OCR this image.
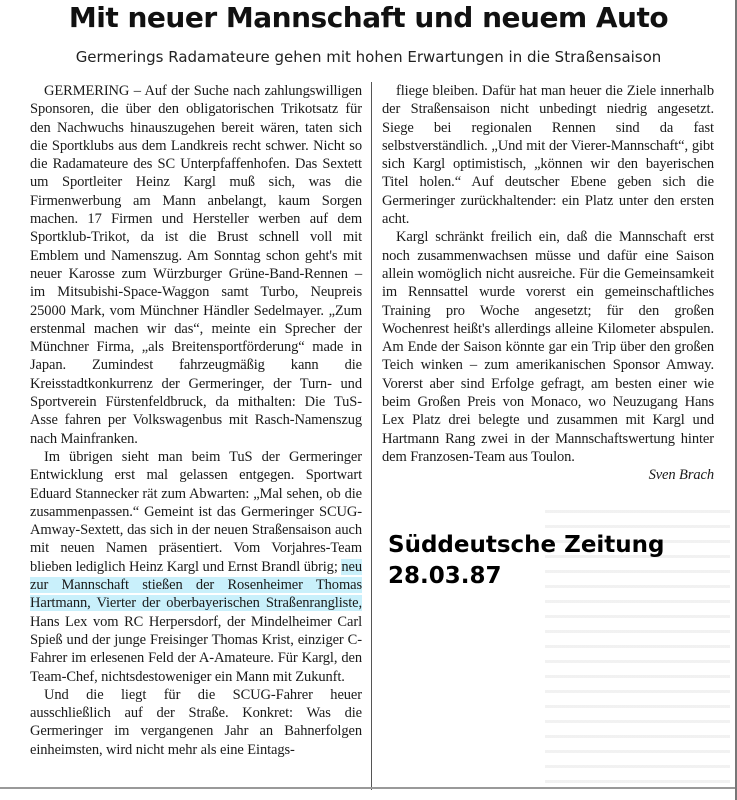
Mit neuer Mannschaft und neuem Auto
Germerings Radamateure gehen mit hohen Erwartungen in die Straßensaison

GERMERING – Auf der Suche nach zahlungswilligen Sponsoren, die über den obligatorischen Trikotsatz für den Nachwuchs hinauszugehen bereit wären, taten sich die Sportklubs aus dem Landkreis recht schwer. Nicht so die Radamateure des SC Unterpfaffenhofen. Das Sextett um Sportleiter Heinz Kargl muß sich, was die Firmenwerbung am Mann anbelangt, kaum Sorgen machen. 17 Firmen und Hersteller werben auf dem Sportklub-Trikot, da ist die Brust schnell voll mit Emblem und Namenszug. Am Sonntag schon geht's mit neuer Karosse zum Würzburger Grüne-Band-Rennen – im Mitsubishi-Space-Waggon samt Turbo, Neupreis 25000 Mark, vom Münchner Händler Sedelmayer. „Zum erstenmal machen wir das“, meinte ein Sprecher der Münchner Firma, „als Breitensportförderung“ made in Japan. Zumindest fahrzeugmäßig kann die Kreisstadtkonkurrenz der Germeringer, der Turn- und Sportverein Fürstenfeldbruck, da mithalten: Die TuS-Asse fahren per Volkswagenbus mit Rasch-Namenszug nach Mainfranken.

Im übrigen sieht man beim TuS der Germeringer Entwicklung erst mal gelassen entgegen. Sportwart Eduard Stannecker rät zum Abwarten: „Mal sehen, ob die zusammenpassen.“ Gemeint ist das Germeringer SCUG-Amway-Sextett, das sich in der neuen Straßensaison auch mit neuen Namen präsentiert. Vom Vorjahres-Team blieben lediglich Heinz Kargl und Ernst Brandl übrig; neu zur Mannschaft stießen der Rosenheimer Thomas Hartmann, Vierter der oberbayerischen Straßenrangliste, Hans Lex vom RC Herpersdorf, der Mindelheimer Carl Spieß und der junge Freisinger Thomas Krist, einziger C-Fahrer im erlesenen Feld der A-Amateure. Für Kargl, den Team-Chef, nichtsdestoweniger ein Mann mit Zukunft.

Und die liegt für die SCUG-Fahrer heuer ausschließlich auf der Straße. Konkret: Was die Germeringer im vergangenen Jahr an Bahnerfolgen einheimsten, wird nicht mehr als eine Eintags-

fliege bleiben. Dafür hat man heuer die Ziele innerhalb der Straßensaison nicht unbedingt niedrig angesetzt. Siege bei regionalen Rennen sind da fast selbstverständlich. „Und mit der Vierer-Mannschaft“, gibt sich Kargl optimistisch, „können wir den bayerischen Titel holen.“ Auf deutscher Ebene geben sich die Germeringer zurückhaltender: ein Platz unter den ersten acht.

Kargl schränkt freilich ein, daß die Mannschaft erst noch zusammenwachsen müsse und dafür eine Saison allein womöglich nicht ausreiche. Für die Gemeinsamkeit im Rennsattel wurde vorerst ein gemeinschaftliches Training pro Woche angesetzt; für den großen Wochenrest heißt's allerdings alleine Kilometer abspulen. Am Ende der Saison könnte gar ein Trip über den großen Teich winken – zum amerikanischen Sponsor Amway. Vorerst aber sind Erfolge gefragt, am besten einer wie beim Großen Preis von Monaco, wo Neuzugang Hans Lex Platz drei belegte und zusammen mit Kargl und Hartmann Rang zwei in der Mannschaftswertung hinter dem Franzosen-Team aus Toulon.

Sven Brach

Süddeutsche Zeitung
28.03.87
